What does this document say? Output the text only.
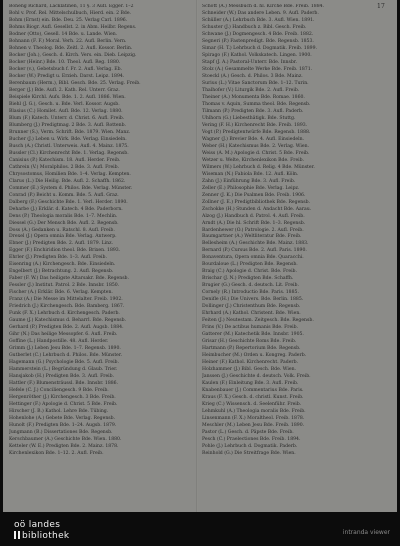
17

Boheng Richard, Lacklatinen, 11 §. 3 Aufl. Egger. 1–2

Bohl v. Prof. Rel. Mittelschulbuch, Hierd. ein. 2 Bde.

Bohm (Ernst) ein. Bde. Deu. 25. Verlag Carl. 1896.

Bohms Biogr. Aufl. Gesellst. 2. in Abm. Heilbr. Regens.

Bodner (Otto), Gesell. 14 Bde. u. Lande. Wien.

Bohnann (F. F.) Moral. Verh. 22. Aufl. Berlin. Vern.

Bohnen v. Theolog. Bde. Zeitl. 2. Aufl. Kossor. Berlin.

Bocker (Joh.), Gesch. d. Kirch. Vers. ein. Dieb. Leipzig.

Bocker (Heinr.) Bde. 10. Theol. Aufl. Reg. 1880.

Bocker (v.), Gebetsbuch f. Fr. 2. Aufl. Verlag. Eb.

Bocker (W.) Predigt u. Erzieh. Darst. Leipz. 1894.

Berenbaum (Herm.), Bibl. Gesch. Bde. 25. Verlag. Freib.

Berger (J.) Bde. Aufl. 2. Kath. Rel. Unterr. Graz.

Beispiele Kirchl. Aufs. Bde. 1. 2. Aufl. 1886. Wien.

Biehl (J. G.), Gesch. u. Bde. Verl. Kossor. Augsb.

Blasius (C.) Homilet. Aufl. Bde. 12. Verlag. 1880.

Blum (F.) Katech. Unterr. d. Christ. 6. Aufl. Freib.

Blumberg (J.) Predigtmag. 2 Bde. 3. Aufl. Rottenb.

Brunner (S.), Verm. Schrift. Bde. 1879. Wien. Manz.

Bucher (J.) Leben u. Wirk. Bde. Verlag. Einsiedeln.

Busch (A.) Christl. Unterweis. Aufl. 4. Mainz. 1875.

Bussler (Cl.) Kirchenrecht Bde. 1. Verlag. Regensb.

Canisius (P.) Katechism. 18. Aufl. Herder. Freib.

Cathrein (V.) Moralphilos. 2 Bde. 3. Aufl. Freib.

Chrysostomus, Homilien Bde. 1–4. Verlag. Kempten.

Clarus (L.) Die Heilig. Bde. Aufl. 2. Schaffh. 1862.

Commer (E.) System d. Philos. Bde. Verlag. Münster.

Conrad (P.) Beicht u. Komm. Bde. 5. Aufl. Graz.

Dalberg (F.) Geschichte Bde. 1. Verl. Herder. 1890.

Deharbe (J.) Erklär. d. Katech. 4 Bde. Paderborn.

Dens (P.) Theologia moralis Bde. 1–7. Mechlin.

Diessel (G.) Der Mensch Bde. Aufl. 2. Regensb.

Doss (A.) Gedanken u. Ratschl. 8. Aufl. Freib.

Drexel (J.) Opera omnia Bde. Verlag. Antwerp.

Ebner (J.) Predigten Bde. 2. Aufl. 1879. Linz.

Egger (F.) Enchiridion theol. Bde. Brixen. 1893.

Ehrler (J.) Predigten Bde. 1–3. Aufl. Freib.

Eisenring (A.) Kirchengesch. Bde. Einsiedeln.

Engelbert (J.) Betrachtung. 2. Aufl. Regensb.

Faber (F. W.) Das heiligste Altarsakr. Bde. Regensb.

Fessler (J.) Institut. Patrol. 2 Bde. Innsbr. 1850.

Fischer (A.) Erklär. Bde. 6. Verlag. Kempten.

Franz (A.) Die Messe im Mittelalter. Freib. 1902.

Friedrich (J.) Kirchengesch. Bde. Bamberg. 1867.

Funk (F. X.) Lehrbuch d. Kirchengesch. Paderb.

Gaume (J.) Katechismus d. Beharrl. Bde. Regensb.

Gerhard (P.) Predigten Bde. 2. Aufl. Augsb. 1884.

Gihr (N.) Das heilige Messopfer. 6. Aufl. Freib.

Goffine (L.) Handpostille. 48. Aufl. Herder.

Grimm (J.) Leben Jesu Bde. 1–7. Regensb. 1890.

Gutberlet (C.) Lehrbuch d. Philos. Bde. Münster.

Hagemann (G.) Psychologie Bde. 5. Aufl. Freib.

Hammerstein (L.) Begründung d. Glaub. Trier.

Hansjakob (H.) Predigten Bde. 3. Aufl. Freib.

Hattler (F.) Blumensträussl. Bde. Innsbr. 1886.

Hefele (C. J.) Conciliengesch. 9 Bde. Freib.

Hergenröther (J.) Kirchengesch. 3 Bde. Freib.

Hettinger (F.) Apologie d. Christ. 5 Bde. Freib.

Hirscher (J. B.) Kathol. Lehre Bde. Tübing.

Hohenlohe (A.) Gebete Bde. Verlag. Regensb.

Hunolt (F.) Predigten Bde. 1–24. Augsb. 1879.

Jungmann (B.) Dissertationes Bde. Regensb.

Kerschbaumer (A.) Geschichte Bde. Wien. 1880.

Ketteler (W. E.) Predigten Bde. 2. Mainz. 1878.

Kirchenlexikon Bde. 1–12. 2. Aufl. Freib.

Schott (A.) Messbuch d. hl. Kirche Bde. Freib. 1884.

Schneider (W.) Das andere Leben. 9. Aufl. Paderb.

Schüller (A.) Lehrbuch Bde. 3. Aufl. Wien. 1891.

Schuster (J.) Handbuch z. Bibl. Gesch. Freib.

Schwane (J.) Dogmengesch. 4 Bde. Freib. 1882.

Segneri (P.) Fastenpredigt. Bde. Regensb. 1853.

Simar (H. T.) Lehrbuch d. Dogmatik. Freib. 1899.

Spirago (F.) Kathol. Volkskatech. Lingen. 1900.

Stapf (J. A.) Pastoral-Unterr. Bde. Innsbr.

Stolz (A.) Gesammelte Werke Bde. Freib. 1871.

Stoeckl (A.) Gesch. d. Philos. 3 Bde. Mainz.

Surius (L.) Vitae Sanctorum Bde. 1–12. Turin.

Thalhofer (V.) Liturgik Bde. 2. Aufl. Freib.

Theiner (A.) Monumenta Bde. Romae. 1860.

Thomas v. Aquin, Summa theol. Bde. Regensb.

Tilmann (P.) Predigten Bde. 3. Aufl. Paderb.

Uhlhorn (G.) Liebesthätigk. Bde. Stuttg.

Vering (F. H.) Kirchenrecht Bde. Freib. 1893.

Vogt (P.) Predigtentwürfe Bde. Regensb. 1888.

Wagner (J.) Brevier Bde. 4. Aufl. Einsiedeln.

Weber (H.) Katechismus Bde. 2. Verlag. Wien.

Weiss (A. M.) Apologie d. Christ. 5 Bde. Freib.

Wetzer u. Welte, Kirchenlexikon Bde. Freib.

Wilmers (W.) Lehrbuch d. Relig. 4 Bde. Münster.

Wiseman (N.) Fabiola Bde. 12. Aufl. Köln.

Zahn (J.) Einführung Bde. 3. Aufl. Freib.

Zeller (E.) Philosophie Bde. Verlag. Leipz.

Zenner (J. K.) Die Psalmen Bde. Freib. 1906.

Zollner (J. E.) Predigtbibliothek Bde. Regensb.

Zschokke (H.) Stunden d. Andacht Bde. Aarau.

Alzog (J.) Handbuch d. Patrol. 4. Aufl. Freib.

Arndt (A.) Die hl. Schrift Bde. 1–3. Regensb.

Bardenhewer (O.) Patrologie. 2. Aufl. Freib.

Baumgartner (A.) Weltliteratur Bde. Freib.

Bellesheim (A.) Geschichte Bde. Mainz. 1883.

Bernard (P.) Cursus Bde. 2. Aufl. Paris. 1890.

Bonaventura, Opera omnia Bde. Quaracchi.

Bourdaloue (L.) Predigten Bde. Regensb.

Braig (C.) Apologie d. Christ. Bde. Freib.

Brischar (J. N.) Predigten Bde. Schaffh.

Brugier (G.) Gesch. d. deutsch. Lit. Freib.

Cornely (R.) Introductio Bde. Paris. 1885.

Denifle (H.) Die Univers. Bde. Berlin. 1885.

Dollinger (J.) Christenthum Bde. Regensb.

Ehrhard (A.) Kathol. Christent. Bde. Wien.

Feiten (J.) Neutestam. Zeitgesch. Bde. Regensb.

Frins (V.) De actibus humanis Bde. Freib.

Gatterer (M.) Katechetik Bde. Innsbr. 1905.

Grisar (H.) Geschichte Roms Bde. Freib.

Hartmann (P.) Repertorium Bde. Regensb.

Heimbucher (M.) Orden u. Kongreg. Paderb.

Heiner (F.) Kathol. Kirchenrecht. Paderb.

Holzhammer (J.) Bibl. Gesch. Bde. Wien.

Janssen (J.) Geschichte d. deutsch. Volk. Freib.

Kaulen (F.) Einleitung Bde. 3. Aufl. Freib.

Knabenbauer (J.) Commentarius Bde. Paris.

Kraus (F. X.) Gesch. d. christl. Kunst. Freib.

Krieg (C.) Wissensch. d. Seelenführ. Freib.

Lehmkuhl (A.) Theologia moralis Bde. Freib.

Linsenmann (F. X.) Moraltheol. Freib. 1878.

Meschler (M.) Leben Jesu Bde. Freib. 1890.

Pastor (L.) Gesch. d. Päpste Bde. Freib.

Pesch (C.) Praelectiones Bde. Freib. 1894.

Pohle (J.) Lehrbuch d. Dogmatik. Paderb.

Reinhold (G.) Die Streitfrage Bde. Wien.

oö landes
bibliothek	intranda viewer
